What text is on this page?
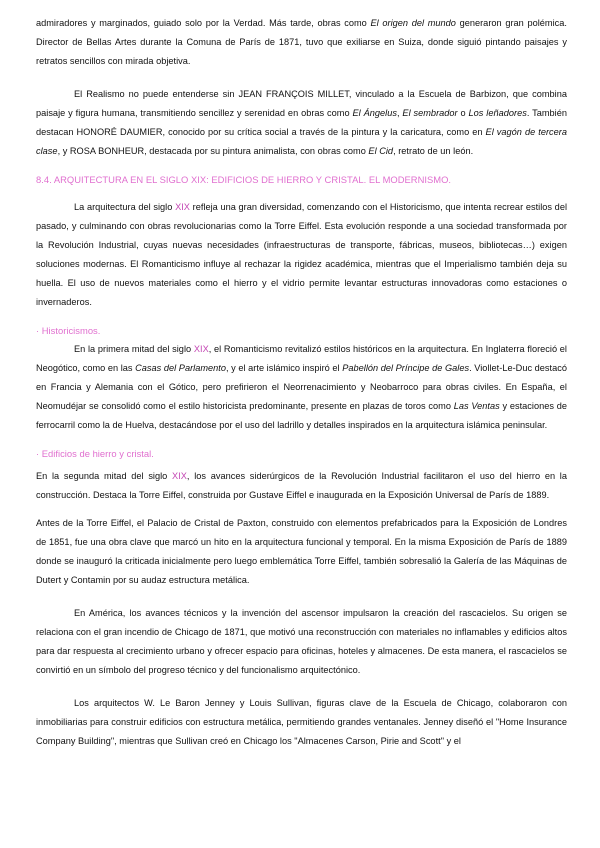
admiradores y marginados, guiado solo por la Verdad. Más tarde, obras como El origen del mundo generaron gran polémica. Director de Bellas Artes durante la Comuna de París de 1871, tuvo que exiliarse en Suiza, donde siguió pintando paisajes y retratos sencillos con mirada objetiva.

El Realismo no puede entenderse sin JEAN FRANÇOIS MILLET, vinculado a la Escuela de Barbizon, que combina paisaje y figura humana, transmitiendo sencillez y serenidad en obras como El Ángelus, El sembrador o Los leñadores. También destacan HONORÉ DAUMIER, conocido por su crítica social a través de la pintura y la caricatura, como en El vagón de tercera clase, y ROSA BONHEUR, destacada por su pintura animalista, con obras como El Cid, retrato de un león.

8.4. ARQUITECTURA EN EL SIGLO XIX: EDIFICIOS DE HIERRO Y CRISTAL. EL MODERNISMO.

La arquitectura del siglo XIX refleja una gran diversidad, comenzando con el Historicismo, que intenta recrear estilos del pasado, y culminando con obras revolucionarias como la Torre Eiffel. Esta evolución responde a una sociedad transformada por la Revolución Industrial, cuyas nuevas necesidades (infraestructuras de transporte, fábricas, museos, bibliotecas…) exigen soluciones modernas. El Romanticismo influye al rechazar la rigidez académica, mientras que el Imperialismo también deja su huella. El uso de nuevos materiales como el hierro y el vidrio permite levantar estructuras innovadoras como estaciones o invernaderos.

· Historicismos.

En la primera mitad del siglo XIX, el Romanticismo revitalizó estilos históricos en la arquitectura. En Inglaterra floreció el Neogótico, como en las Casas del Parlamento, y el arte islámico inspiró el Pabellón del Príncipe de Gales. Viollet-Le-Duc destacó en Francia y Alemania con el Gótico, pero prefirieron el Neorrenacimiento y Neobarroco para obras civiles. En España, el Neomudéjar se consolidó como el estilo historicista predominante, presente en plazas de toros como Las Ventas y estaciones de ferrocarril como la de Huelva, destacándose por el uso del ladrillo y detalles inspirados en la arquitectura islámica peninsular.

· Edificios de hierro y cristal.

En la segunda mitad del siglo XIX, los avances siderúrgicos de la Revolución Industrial facilitaron el uso del hierro en la construcción. Destaca la Torre Eiffel, construida por Gustave Eiffel e inaugurada en la Exposición Universal de París de 1889.

Antes de la Torre Eiffel, el Palacio de Cristal de Paxton, construido con elementos prefabricados para la Exposición de Londres de 1851, fue una obra clave que marcó un hito en la arquitectura funcional y temporal. En la misma Exposición de París de 1889 donde se inauguró la criticada inicialmente pero luego emblemática Torre Eiffel, también sobresalió la Galería de las Máquinas de Dutert y Contamin por su audaz estructura metálica.

En América, los avances técnicos y la invención del ascensor impulsaron la creación del rascacielos. Su origen se relaciona con el gran incendio de Chicago de 1871, que motivó una reconstrucción con materiales no inflamables y edificios altos para dar respuesta al crecimiento urbano y ofrecer espacio para oficinas, hoteles y almacenes. De esta manera, el rascacielos se convirtió en un símbolo del progreso técnico y del funcionalismo arquitectónico.

Los arquitectos W. Le Baron Jenney y Louis Sullivan, figuras clave de la Escuela de Chicago, colaboraron con inmobiliarias para construir edificios con estructura metálica, permitiendo grandes ventanales. Jenney diseñó el "Home Insurance Company Building", mientras que Sullivan creó en Chicago los "Almacenes Carson, Pirie and Scott" y el
